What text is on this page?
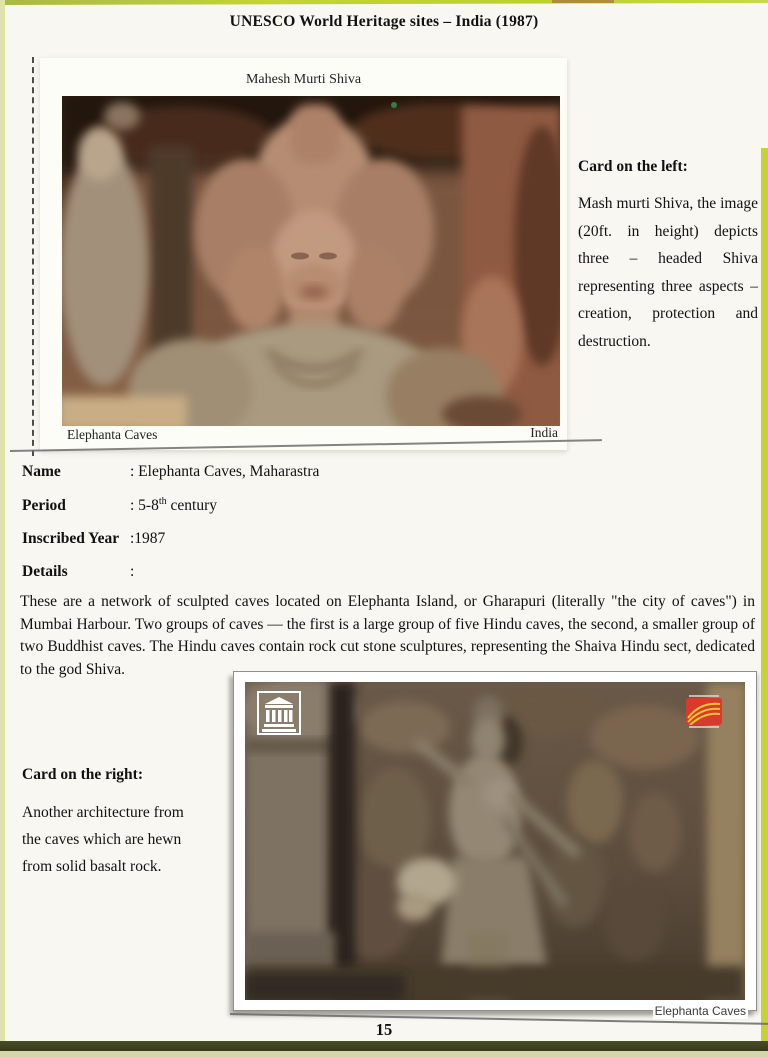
UNESCO World Heritage sites – India (1987)
Mahesh Murti Shiva
Elephanta Caves	India
Card on the left:
Mash murti Shiva, the image (20ft. in height) depicts three – headed Shiva representing three aspects – creation, protection and destruction.
Name	: Elephanta Caves, Maharastra
Period	: 5-8th century
Inscribed Year :1987
Details	:

These are a network of sculpted caves located on Elephanta Island, or Gharapuri (literally "the city of caves") in Mumbai Harbour. Two groups of caves — the first is a large group of five Hindu caves, the second, a smaller group of two Buddhist caves. The Hindu caves contain rock cut stone sculptures, representing the Shaiva Hindu sect, dedicated to the god Shiva.

Card on the right:
Another architecture from the caves which are hewn from solid basalt rock.
Elephanta Caves
15
